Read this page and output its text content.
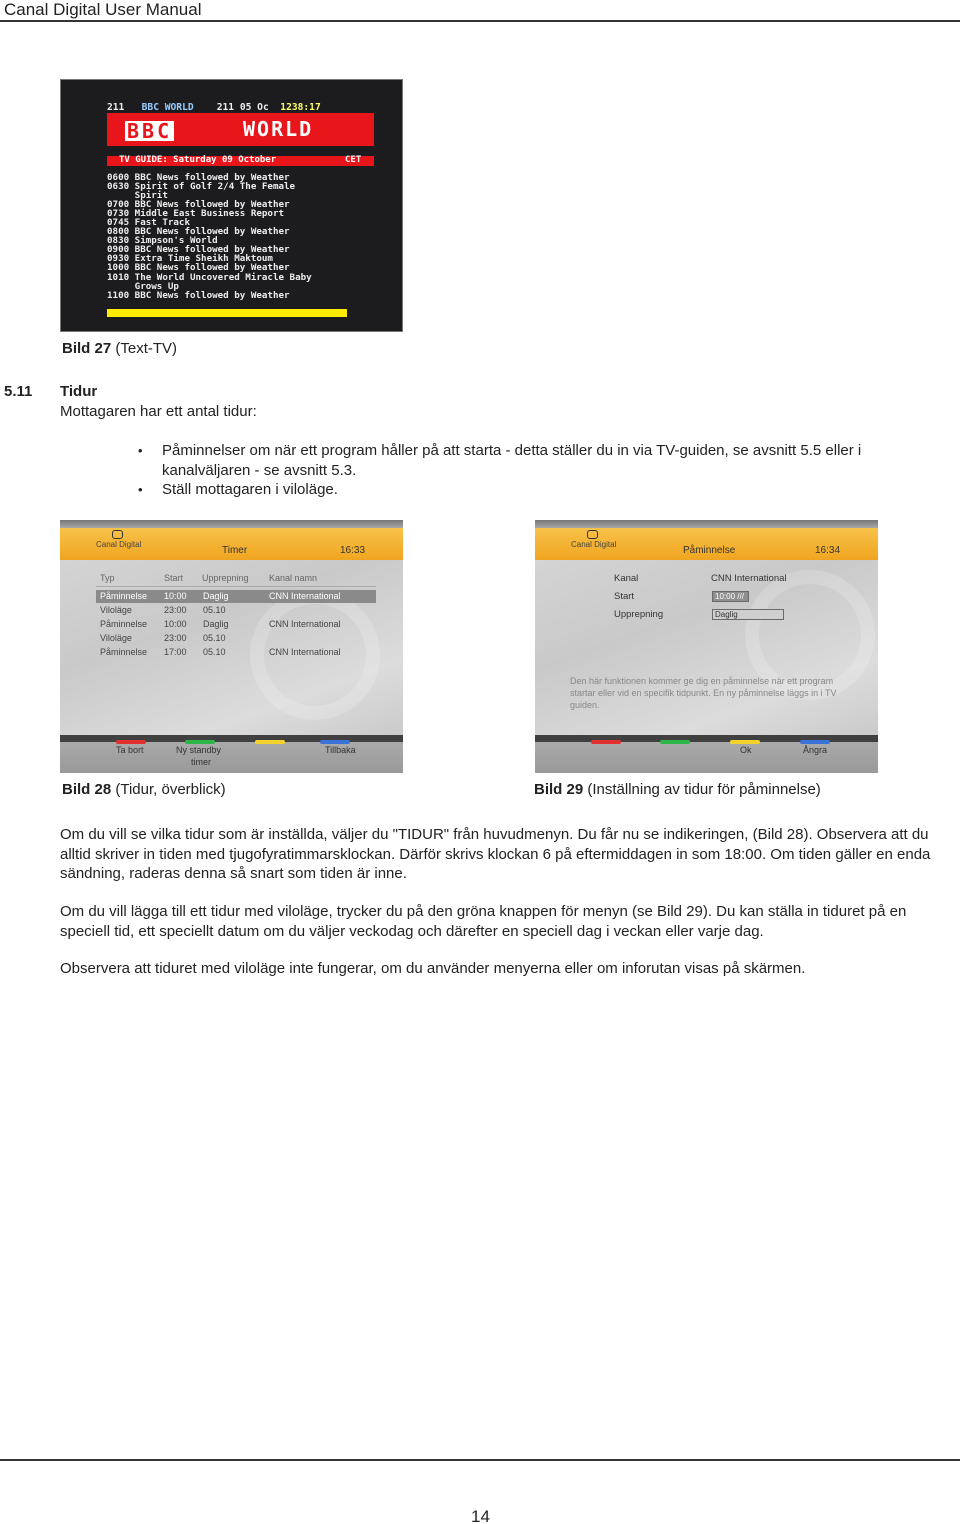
Canal Digital User Manual
211 BBC WORLD 211 05 Oc 1238:17
BBC	WORLD
TV GUIDE: Saturday 09 October	CET
0600 BBC News followed by Weather
0630 Spirit of Golf 2/4 The Female
Spirit
0700 BBC News followed by Weather
0730 Middle East Business Report
0745 Fast Track
0800 BBC News followed by Weather
0830 Simpson's World
0900 BBC News followed by Weather
0930 Extra Time Sheikh Maktoum
1000 BBC News followed by Weather
1010 The World Uncovered Miracle Baby
Grows Up
1100 BBC News followed by Weather
Bild 27 (Text-TV)
5.11 Tidur
Mottagaren har ett antal tidur:
• Påminnelser om när ett program håller på att starta - detta ställer du in via TV-guiden, se avsnitt 5.5 eller i kanalväljaren - se avsnitt 5.3.
• Ställ mottagaren i viloläge.
Canal Digital
Timer	16:33
Typ	Start Upprepning Kanal namn
Påminnelse 10:00 Daglig	CNN International
Viloläge	23:00 05.10
Påminnelse 10:00 Daglig	CNN International
Viloläge	23:00 05.10
Påminnelse 17:00 05.10	CNN International
Ta bort	Ny standby
timer
Tillbaka
Bild 28 (Tidur, överblick)
Canal Digital
Påminnelse	16:34
Kanal	CNN International
Start	10:00 ///
Upprepning	Daglig
Den här funktionen kommer ge dig en påminnelse när ett program startar eller vid en specifik tidpunkt. En ny påminnelse läggs in i TV guiden.
Ok	Ångra
Bild 29 (Inställning av tidur för påminnelse)

Om du vill se vilka tidur som är inställda, väljer du "TIDUR" från huvudmenyn. Du får nu se indikeringen, (Bild 28). Observera att du alltid skriver in tiden med tjugofyratimmarsklockan. Därför skrivs klockan 6 på eftermiddagen in som 18:00. Om tiden gäller en enda sändning, raderas denna så snart som tiden är inne.

Om du vill lägga till ett tidur med viloläge, trycker du på den gröna knappen för menyn (se Bild 29). Du kan ställa in tiduret på en speciell tid, ett speciellt datum om du väljer veckodag och därefter en speciell dag i veckan eller varje dag.

Observera att tiduret med viloläge inte fungerar, om du använder menyerna eller om inforutan visas på skärmen.

14
